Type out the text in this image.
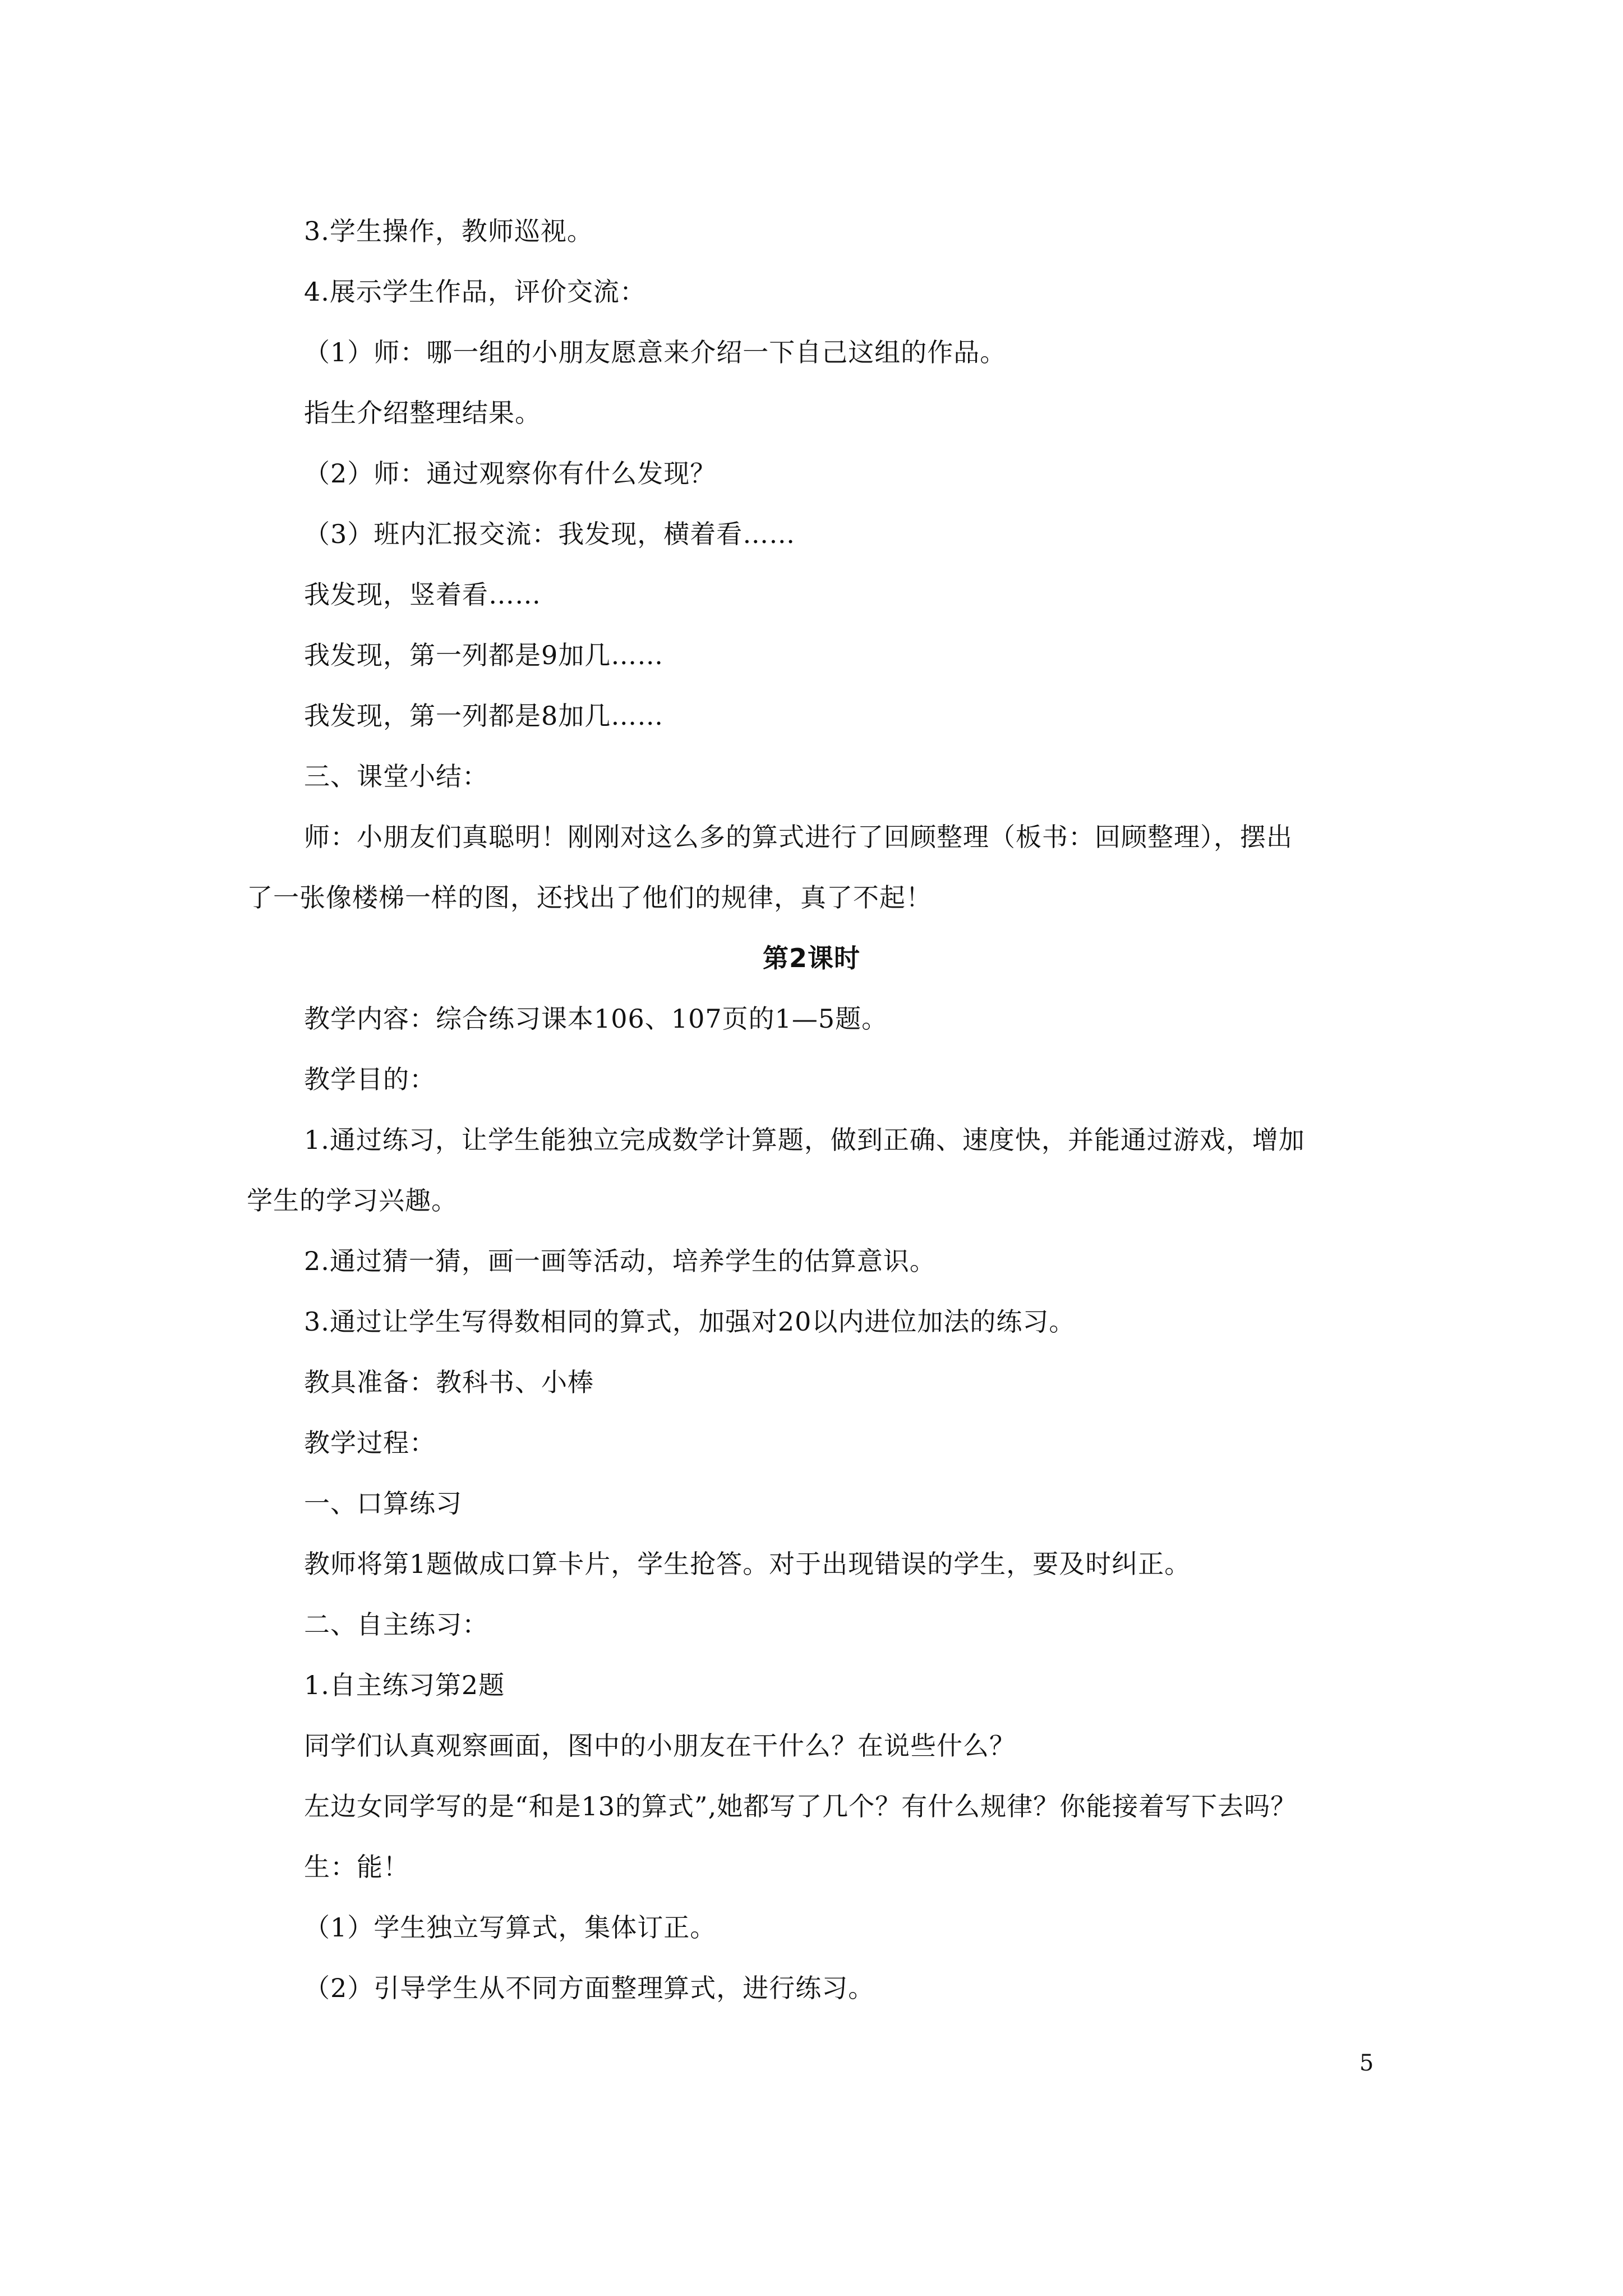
3.学生操作，教师巡视。
4.展示学生作品，评价交流：
（1）师：哪一组的小朋友愿意来介绍一下自己这组的作品。
指生介绍整理结果。
（2）师：通过观察你有什么发现？
（3）班内汇报交流：我发现，横着看……
我发现，竖着看……
我发现，第一列都是9加几……
我发现，第一列都是8加几……
三、课堂小结：
师：小朋友们真聪明！刚刚对这么多的算式进行了回顾整理（板书：回顾整理），摆出
了一张像楼梯一样的图，还找出了他们的规律，真了不起！
第2课时
教学内容：综合练习课本106、107页的1—5题。
教学目的：
1.通过练习，让学生能独立完成数学计算题，做到正确、速度快，并能通过游戏，增加
学生的学习兴趣。
2.通过猜一猜，画一画等活动，培养学生的估算意识。
3.通过让学生写得数相同的算式，加强对20以内进位加法的练习。
教具准备：教科书、小棒
教学过程：
一、口算练习
教师将第1题做成口算卡片，学生抢答。对于出现错误的学生，要及时纠正。
二、自主练习：
1.自主练习第2题
同学们认真观察画面，图中的小朋友在干什么？在说些什么？
左边女同学写的是“和是13的算式”,她都写了几个？有什么规律？你能接着写下去吗？
生：能！
（1）学生独立写算式，集体订正。
（2）引导学生从不同方面整理算式，进行练习。
5
